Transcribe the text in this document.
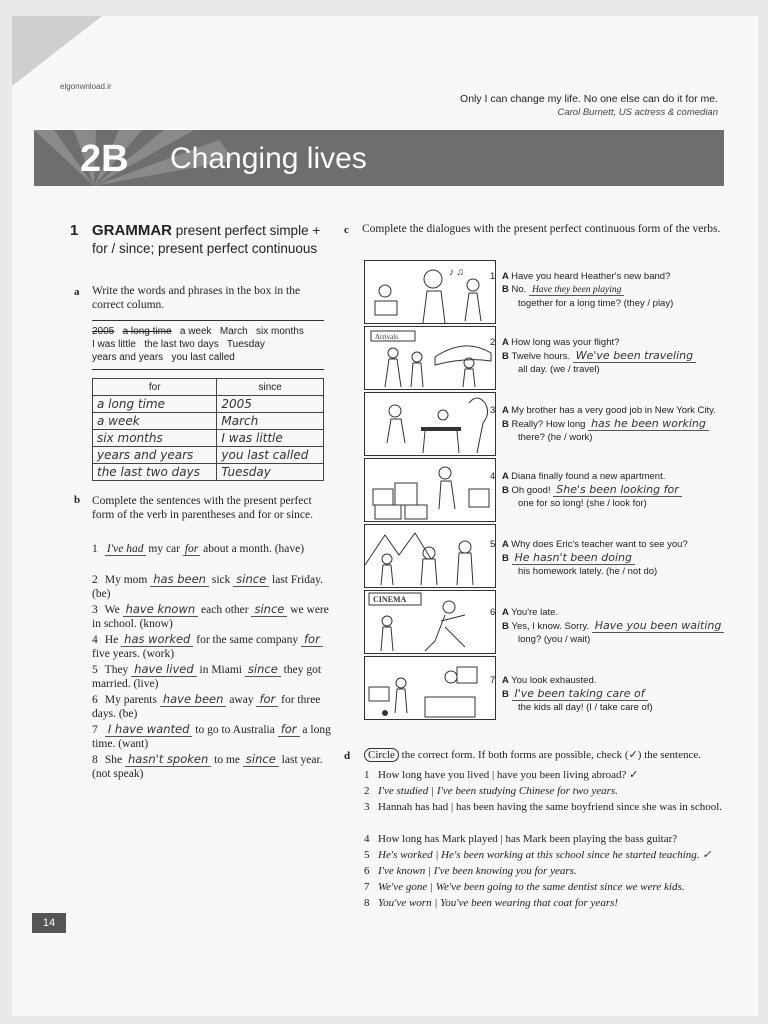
elgonwnload.ir
Only I can change my life. No one else can do it for me.
Carol Burnett, US actress & comedian
2B Changing lives
1 GRAMMAR present perfect simple + for / since; present perfect continuous
a Write the words and phrases in the box in the correct column.
2005 a long time a week March six months
I was little the last two days Tuesday
years and years you last called
for	since
a long time	2005
a week	March
six months	I was little
years and years	you last called
the last two days	Tuesday
b Complete the sentences with the present perfect form of the verb in parentheses and for or since.
1 I've had my car for about a month. (have)
2 My mom has been sick since last Friday. (be)
3 We have known each other since we were in school. (know)
4 He has worked for the same company for five years. (work)
5 They have lived in Miami since they got married. (live)
6 My parents have been away for for three days. (be)
7 I have wanted to go to Australia for a long time. (want)
8 She hasn't spoken to me since last year. (not speak)
c Complete the dialogues with the present perfect continuous form of the verbs.
♪ ♫
Arrivals
CINEMA
1 A Have you heard Heather's new band?
B No. Have they been playing
together for a long time? (they / play)
2 A How long was your flight?
B Twelve hours. We've been traveling
all day. (we / travel)
3 A My brother has a very good job in New York City.
B Really? How long has he been working
there? (he / work)
4 A Diana finally found a new apartment.
B Oh good! She's been looking for
one for so long! (she / look for)
5 A Why does Eric's teacher want to see you?
B He hasn't been doing
his homework lately. (he / not do)
6 A You're late.
B Yes, I know. Sorry. Have you been waiting
long? (you / wait)
7 A You look exhausted.
B I've been taking care of
the kids all day! (I / take care of)
d	Circle the correct form. If both forms are possible, check (✓) the sentence.
1 How long have you lived | have you been living abroad? ✓
2 I've studied | I've been studying Chinese for two years.
3 Hannah has had | has been having the same boyfriend since she was in school.
4 How long has Mark played | has Mark been playing the bass guitar?
5 He's worked | He's been working at this school since he started teaching. ✓
6 I've known | I've been knowing you for years.
7 We've gone | We've been going to the same dentist since we were kids.
8 You've worn | You've been wearing that coat for years!
14
